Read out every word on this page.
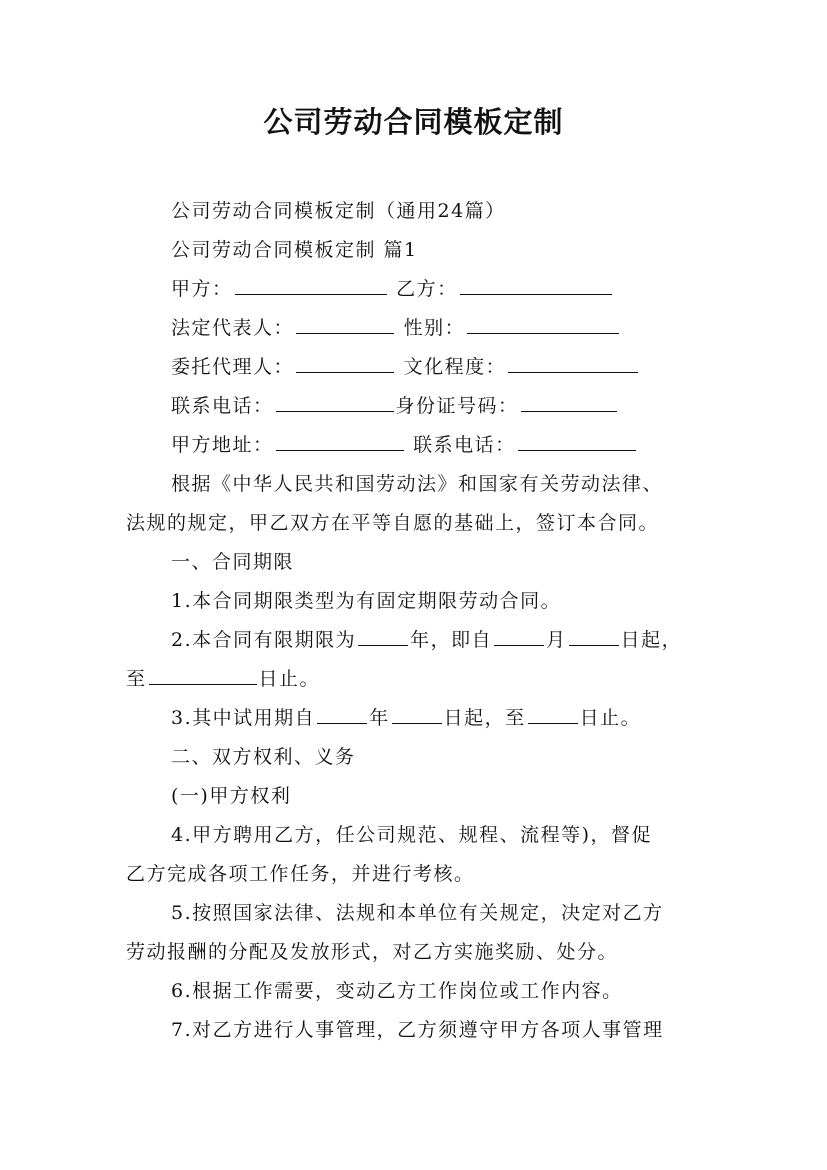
公司劳动合同模板定制
公司劳动合同模板定制（通用24篇）
公司劳动合同模板定制 篇1
甲方：	乙方：
法定代表人：	性别：
委托代理人：	文化程度：
联系电话：	身份证号码：
甲方地址：	联系电话：
根据《中华人民共和国劳动法》和国家有关劳动法律、
法规的规定，甲乙双方在平等自愿的基础上，签订本合同。
一、合同期限
1.本合同期限类型为有固定期限劳动合同。
2.本合同有限期限为	年，即自	月	日起，
至	日止。
3.其中试用期自	年	日起，至	日止。
二、双方权利、义务
(一)甲方权利
4.甲方聘用乙方，任公司规范、规程、流程等)，督促
乙方完成各项工作任务，并进行考核。
5.按照国家法律、法规和本单位有关规定，决定对乙方
劳动报酬的分配及发放形式，对乙方实施奖励、处分。
6.根据工作需要，变动乙方工作岗位或工作内容。
7.对乙方进行人事管理，乙方须遵守甲方各项人事管理
